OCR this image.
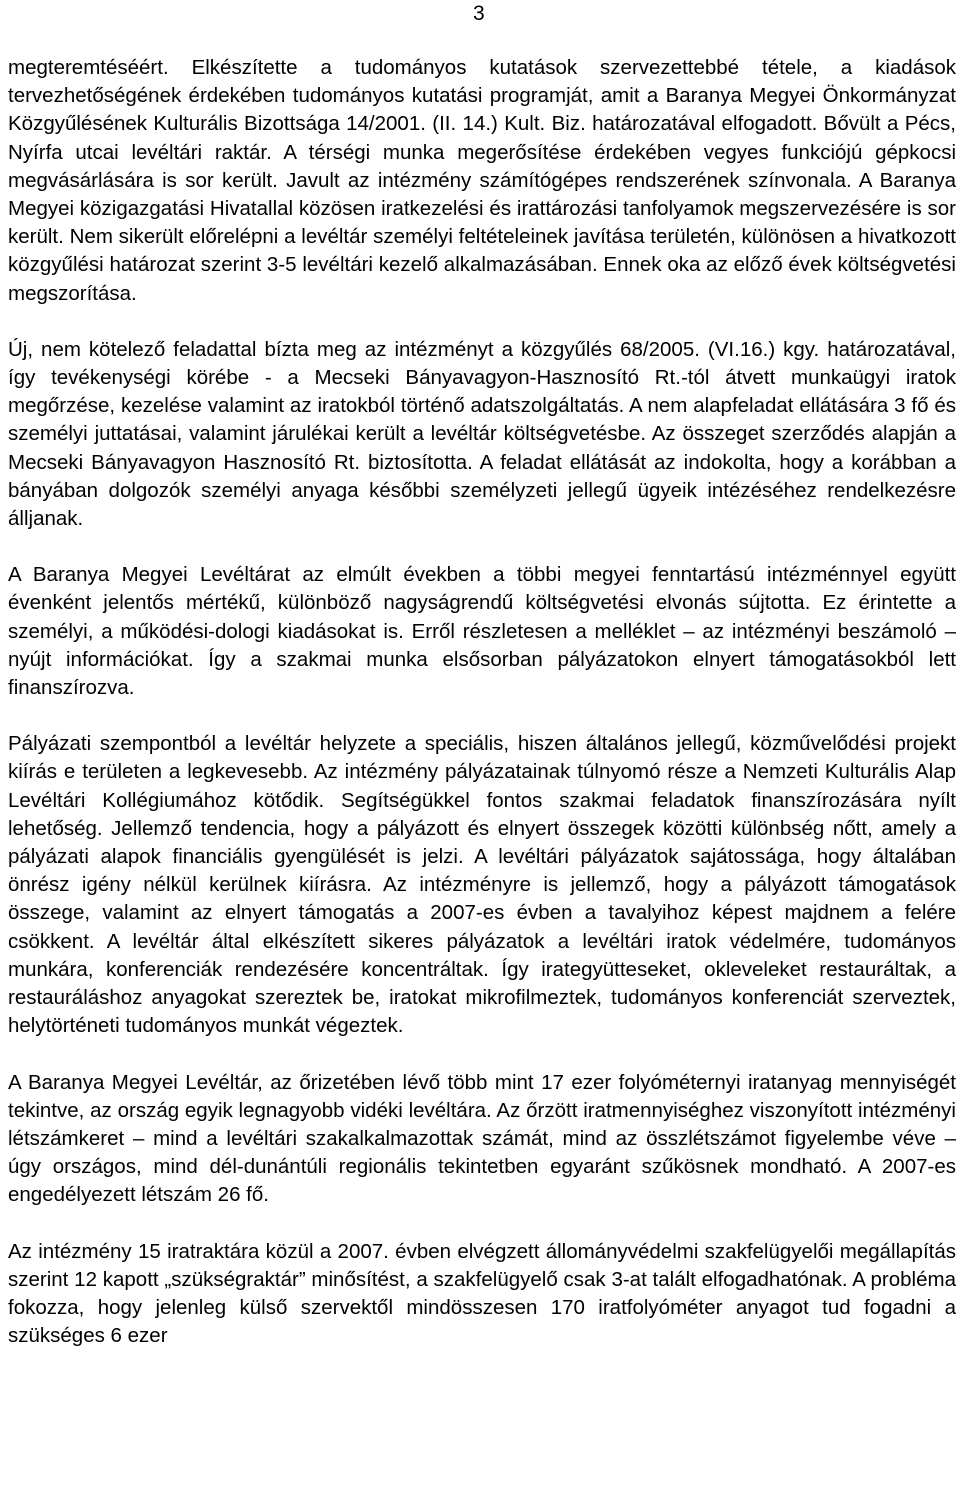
3

megteremtéséért. Elkészítette a tudományos kutatások szervezettebbé tétele, a kiadások tervezhetőségének érdekében tudományos kutatási programját, amit a Baranya Megyei Önkormányzat Közgyűlésének Kulturális Bizottsága 14/2001. (II. 14.) Kult. Biz. határozatával elfogadott. Bővült a Pécs, Nyírfa utcai levéltári raktár. A térségi munka megerősítése érdekében vegyes funkciójú gépkocsi megvásárlására is sor került. Javult az intézmény számítógépes rendszerének színvonala. A Baranya Megyei közigazgatási Hivatallal közösen iratkezelési és irattározási tanfolyamok megszervezésére is sor került. Nem sikerült előrelépni a levéltár személyi feltételeinek javítása területén, különösen a hivatkozott közgyűlési határozat szerint 3-5 levéltári kezelő alkalmazásában. Ennek oka az előző évek költségvetési megszorítása.

Új, nem kötelező feladattal bízta meg az intézményt a közgyűlés 68/2005. (VI.16.) kgy. határozatával, így tevékenységi körébe - a Mecseki Bányavagyon-Hasznosító Rt.-tól átvett munkaügyi iratok megőrzése, kezelése valamint az iratokból történő adatszolgáltatás. A nem alapfeladat ellátására 3 fő és személyi juttatásai, valamint járulékai került a levéltár költségvetésbe. Az összeget szerződés alapján a Mecseki Bányavagyon Hasznosító Rt. biztosította. A feladat ellátását az indokolta, hogy a korábban a bányában dolgozók személyi anyaga későbbi személyzeti jellegű ügyeik intézéséhez rendelkezésre álljanak.

A Baranya Megyei Levéltárat az elmúlt években a többi megyei fenntartású intézménnyel együtt évenként jelentős mértékű, különböző nagyságrendű költségvetési elvonás sújtotta. Ez érintette a személyi, a működési-dologi kiadásokat is. Erről részletesen a melléklet – az intézményi beszámoló – nyújt információkat. Így a szakmai munka elsősorban pályázatokon elnyert támogatásokból lett finanszírozva.

Pályázati szempontból a levéltár helyzete a speciális, hiszen általános jellegű, közművelődési projekt kiírás e területen a legkevesebb. Az intézmény pályázatainak túlnyomó része a Nemzeti Kulturális Alap Levéltári Kollégiumához kötődik. Segítségükkel fontos szakmai feladatok finanszírozására nyílt lehetőség. Jellemző tendencia, hogy a pályázott és elnyert összegek közötti különbség nőtt, amely a pályázati alapok financiális gyengülését is jelzi. A levéltári pályázatok sajátossága, hogy általában önrész igény nélkül kerülnek kiírásra. Az intézményre is jellemző, hogy a pályázott támogatások összege, valamint az elnyert támogatás a 2007-es évben a tavalyihoz képest majdnem a felére csökkent. A levéltár által elkészített sikeres pályázatok a levéltári iratok védelmére, tudományos munkára, konferenciák rendezésére koncentráltak. Így irategyütteseket, okleveleket restauráltak, a restauráláshoz anyagokat szereztek be, iratokat mikrofilmeztek, tudományos konferenciát szerveztek, helytörténeti tudományos munkát végeztek.

A Baranya Megyei Levéltár, az őrizetében lévő több mint 17 ezer folyóméternyi iratanyag mennyiségét tekintve, az ország egyik legnagyobb vidéki levéltára. Az őrzött iratmennyiséghez viszonyított intézményi létszámkeret – mind a levéltári szakalkalmazottak számát, mind az összlétszámot figyelembe véve – úgy országos, mind dél-dunántúli regionális tekintetben egyaránt szűkösnek mondható. A 2007-es engedélyezett létszám 26 fő.

Az intézmény 15 iratraktára közül a 2007. évben elvégzett állományvédelmi szakfelügyelői megállapítás szerint 12 kapott „szükségraktár” minősítést, a szakfelügyelő csak 3-at talált elfogadhatónak. A probléma fokozza, hogy jelenleg külső szervektől mindösszesen 170 iratfolyóméter anyagot tud fogadni a szükséges 6 ezer
